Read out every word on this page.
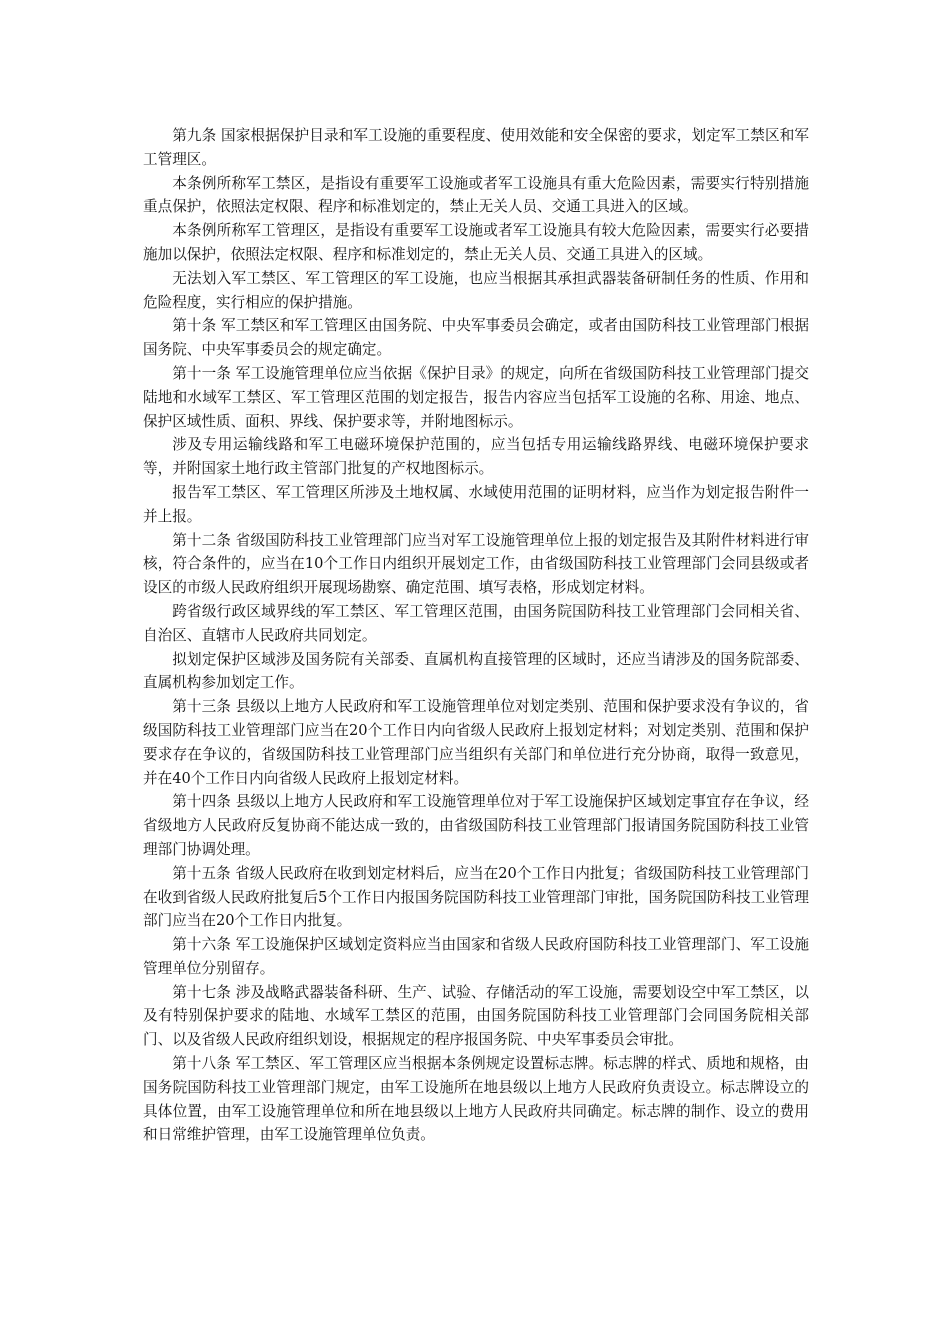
第九条 国家根据保护目录和军工设施的重要程度、使用效能和安全保密的要求，划定军工禁区和军工管理区。

本条例所称军工禁区，是指设有重要军工设施或者军工设施具有重大危险因素，需要实行特别措施重点保护，依照法定权限、程序和标准划定的，禁止无关人员、交通工具进入的区域。

本条例所称军工管理区，是指设有重要军工设施或者军工设施具有较大危险因素，需要实行必要措施加以保护，依照法定权限、程序和标准划定的，禁止无关人员、交通工具进入的区域。

无法划入军工禁区、军工管理区的军工设施，也应当根据其承担武器装备研制任务的性质、作用和危险程度，实行相应的保护措施。

第十条 军工禁区和军工管理区由国务院、中央军事委员会确定，或者由国防科技工业管理部门根据国务院、中央军事委员会的规定确定。

第十一条 军工设施管理单位应当依据《保护目录》的规定，向所在省级国防科技工业管理部门提交陆地和水域军工禁区、军工管理区范围的划定报告，报告内容应当包括军工设施的名称、用途、地点、保护区域性质、面积、界线、保护要求等，并附地图标示。

涉及专用运输线路和军工电磁环境保护范围的，应当包括专用运输线路界线、电磁环境保护要求等，并附国家土地行政主管部门批复的产权地图标示。

报告军工禁区、军工管理区所涉及土地权属、水域使用范围的证明材料，应当作为划定报告附件一并上报。

第十二条 省级国防科技工业管理部门应当对军工设施管理单位上报的划定报告及其附件材料进行审核，符合条件的，应当在10个工作日内组织开展划定工作，由省级国防科技工业管理部门会同县级或者设区的市级人民政府组织开展现场勘察、确定范围、填写表格，形成划定材料。

跨省级行政区域界线的军工禁区、军工管理区范围，由国务院国防科技工业管理部门会同相关省、自治区、直辖市人民政府共同划定。

拟划定保护区域涉及国务院有关部委、直属机构直接管理的区域时，还应当请涉及的国务院部委、直属机构参加划定工作。

第十三条 县级以上地方人民政府和军工设施管理单位对划定类别、范围和保护要求没有争议的，省级国防科技工业管理部门应当在20个工作日内向省级人民政府上报划定材料；对划定类别、范围和保护要求存在争议的，省级国防科技工业管理部门应当组织有关部门和单位进行充分协商，取得一致意见，并在40个工作日内向省级人民政府上报划定材料。

第十四条 县级以上地方人民政府和军工设施管理单位对于军工设施保护区域划定事宜存在争议，经省级地方人民政府反复协商不能达成一致的，由省级国防科技工业管理部门报请国务院国防科技工业管理部门协调处理。

第十五条 省级人民政府在收到划定材料后，应当在20个工作日内批复；省级国防科技工业管理部门在收到省级人民政府批复后5个工作日内报国务院国防科技工业管理部门审批，国务院国防科技工业管理部门应当在20个工作日内批复。

第十六条 军工设施保护区域划定资料应当由国家和省级人民政府国防科技工业管理部门、军工设施管理单位分别留存。

第十七条 涉及战略武器装备科研、生产、试验、存储活动的军工设施，需要划设空中军工禁区，以及有特别保护要求的陆地、水域军工禁区的范围，由国务院国防科技工业管理部门会同国务院相关部门、以及省级人民政府组织划设，根据规定的程序报国务院、中央军事委员会审批。

第十八条 军工禁区、军工管理区应当根据本条例规定设置标志牌。标志牌的样式、质地和规格，由国务院国防科技工业管理部门规定，由军工设施所在地县级以上地方人民政府负责设立。标志牌设立的具体位置，由军工设施管理单位和所在地县级以上地方人民政府共同确定。标志牌的制作、设立的费用和日常维护管理，由军工设施管理单位负责。
